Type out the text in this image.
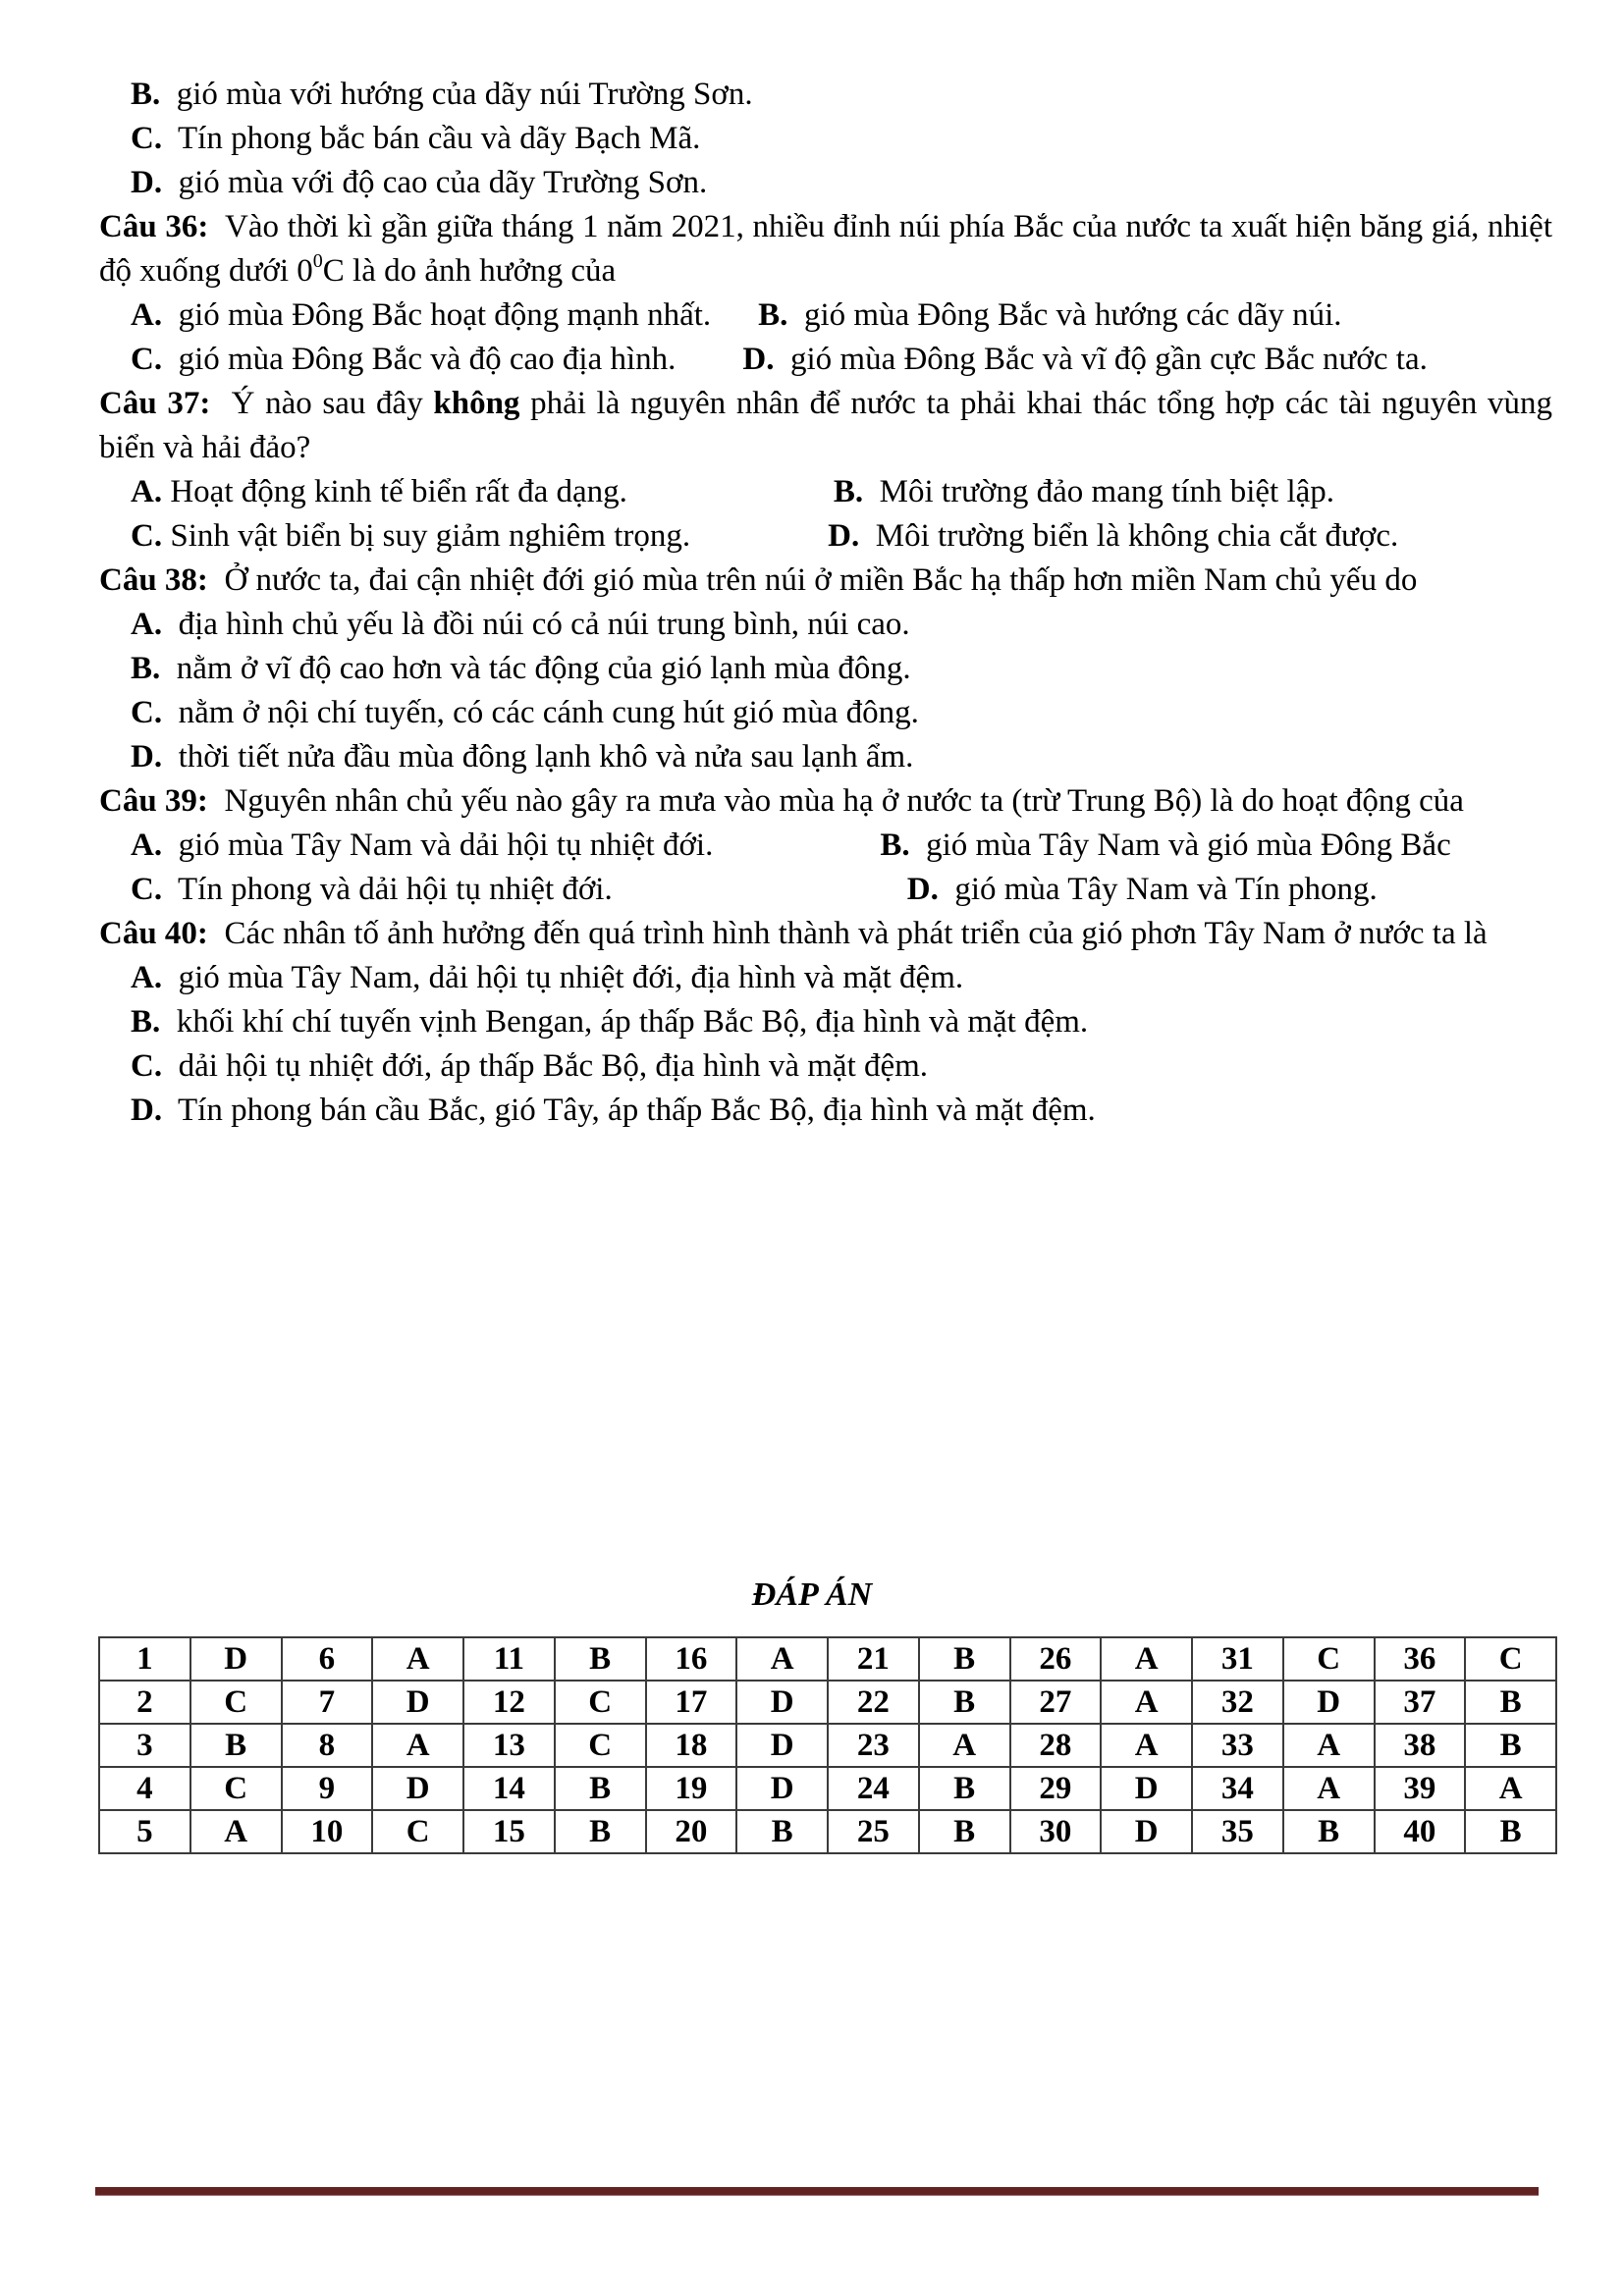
B. gió mùa với hướng của dãy núi Trường Sơn.

C. Tín phong bắc bán cầu và dãy Bạch Mã.

D. gió mùa với độ cao của dãy Trường Sơn.

Câu 36: Vào thời kì gần giữa tháng 1 năm 2021, nhiều đỉnh núi phía Bắc của nước ta xuất hiện băng giá, nhiệt độ xuống dưới $0^0C$ là do ảnh hưởng của

A. gió mùa Đông Bắc hoạt động mạnh nhất. B. gió mùa Đông Bắc và hướng các dãy núi.

C. gió mùa Đông Bắc và độ cao địa hình. D. gió mùa Đông Bắc và vĩ độ gần cực Bắc nước ta.

Câu 37: Ý nào sau đây không phải là nguyên nhân để nước ta phải khai thác tổng hợp các tài nguyên vùng biển và hải đảo?

A. Hoạt động kinh tế biển rất đa dạng.	B. Môi trường đảo mang tính biệt lập.

C. Sinh vật biển bị suy giảm nghiêm trọng.	D. Môi trường biển là không chia cắt được.

Câu 38: Ở nước ta, đai cận nhiệt đới gió mùa trên núi ở miền Bắc hạ thấp hơn miền Nam chủ yếu do

A. địa hình chủ yếu là đồi núi có cả núi trung bình, núi cao.

B. nằm ở vĩ độ cao hơn và tác động của gió lạnh mùa đông.

C. nằm ở nội chí tuyến, có các cánh cung hút gió mùa đông.

D. thời tiết nửa đầu mùa đông lạnh khô và nửa sau lạnh ẩm.

Câu 39: Nguyên nhân chủ yếu nào gây ra mưa vào mùa hạ ở nước ta (trừ Trung Bộ) là do hoạt động của

A. gió mùa Tây Nam và dải hội tụ nhiệt đới.	B. gió mùa Tây Nam và gió mùa Đông Bắc

C. Tín phong và dải hội tụ nhiệt đới.	D. gió mùa Tây Nam và Tín phong.

Câu 40: Các nhân tố ảnh hưởng đến quá trình hình thành và phát triển của gió phơn Tây Nam ở nước ta là

A. gió mùa Tây Nam, dải hội tụ nhiệt đới, địa hình và mặt đệm.

B. khối khí chí tuyến vịnh Bengan, áp thấp Bắc Bộ, địa hình và mặt đệm.

C. dải hội tụ nhiệt đới, áp thấp Bắc Bộ, địa hình và mặt đệm.

D. Tín phong bán cầu Bắc, gió Tây, áp thấp Bắc Bộ, địa hình và mặt đệm.

ĐÁP ÁN
1	D	6	A	11	B	16	A	21	B	26	A	31	C	36	C
2	C	7	D	12	C	17	D	22	B	27	A	32	D	37	B
3	B	8	A	13	C	18	D	23	A	28	A	33	A	38	B
4	C	9	D	14	B	19	D	24	B	29	D	34	A	39	A
5	A	10	C	15	B	20	B	25	B	30	D	35	B	40	B
